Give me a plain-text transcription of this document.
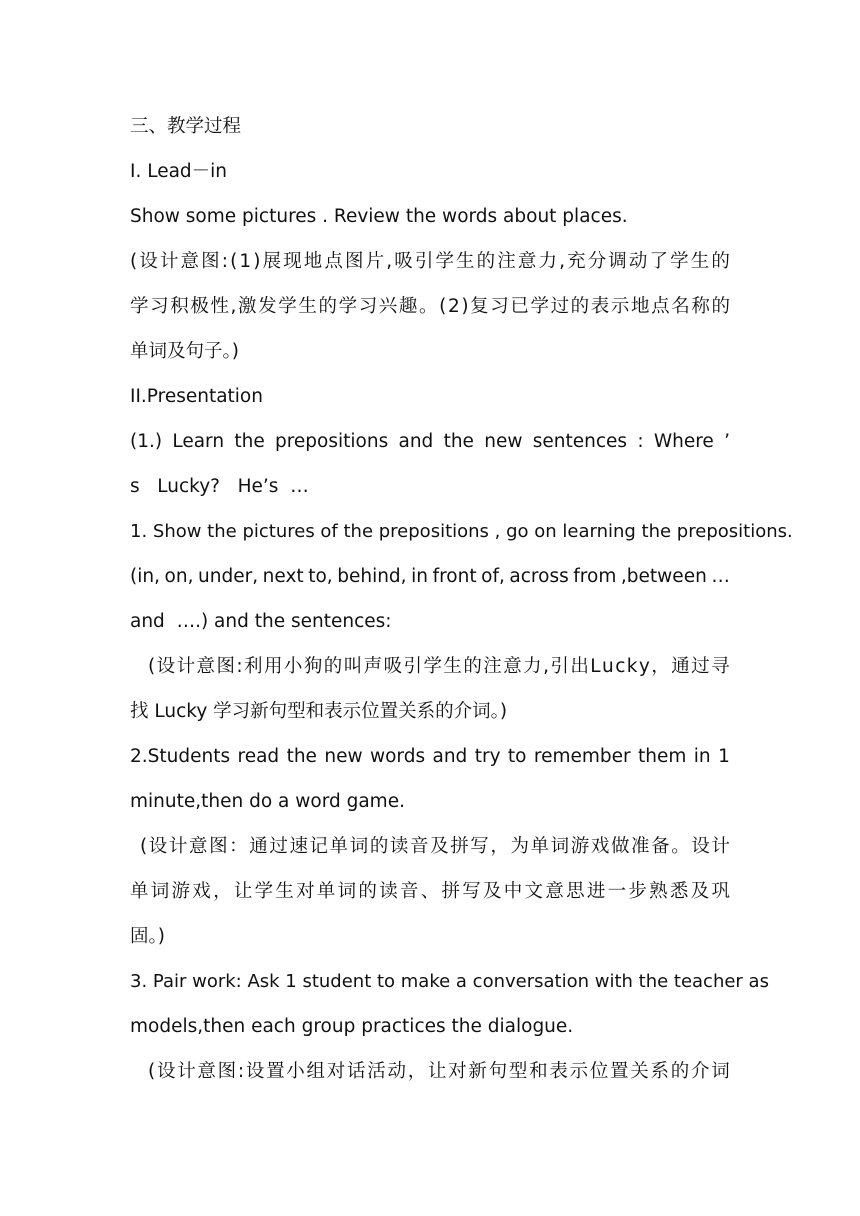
三、教学过程
I. Lead－in
Show some pictures . Review the words about places.
( 设 计 意 图 : ( 1 ) 展 现 地 点 图 片 , 吸 引 学 生 的 注 意 力 , 充 分 调 动 了 学 生 的
学 习 积 极 性 , 激 发 学 生 的 学 习 兴 趣 。 ( 2 ) 复 习 已 学 过 的 表 示 地 点 名 称 的
单词及句子。)
II.Presentation
(1.) Learn the prepositions and the new sentences : Where ’
s   Lucky?   He’s  …
1. Show the pictures of the prepositions , go on learning the prepositions.
(in, on, under, next to, behind, in front of, across from ,between …
and  ….) and the sentences:
( 设 计 意 图 : 利 用 小 狗 的 叫 声 吸 引 学 生 的 注 意 力 , 引 出 L u c k y ， 通 过 寻
找 Lucky 学习新句型和表示位置关系的介词。)
2.Students read the new words and try to remember them in 1
minute,then do a word game.
( 设 计 意 图 ： 通 过 速 记 单 词 的 读 音 及 拼 写 ， 为 单 词 游 戏 做 准 备 。 设 计
单 词 游 戏 ， 让 学 生 对 单 词 的 读 音 、 拼 写 及 中 文 意 思 进 一 步 熟 悉 及 巩
固。)
3. Pair work: Ask 1 student to make a conversation with the teacher as
models,then each group practices the dialogue.
( 设 计 意 图 : 设 置 小 组 对 话 活 动 ， 让 对 新 句 型 和 表 示 位 置 关 系 的 介 词
